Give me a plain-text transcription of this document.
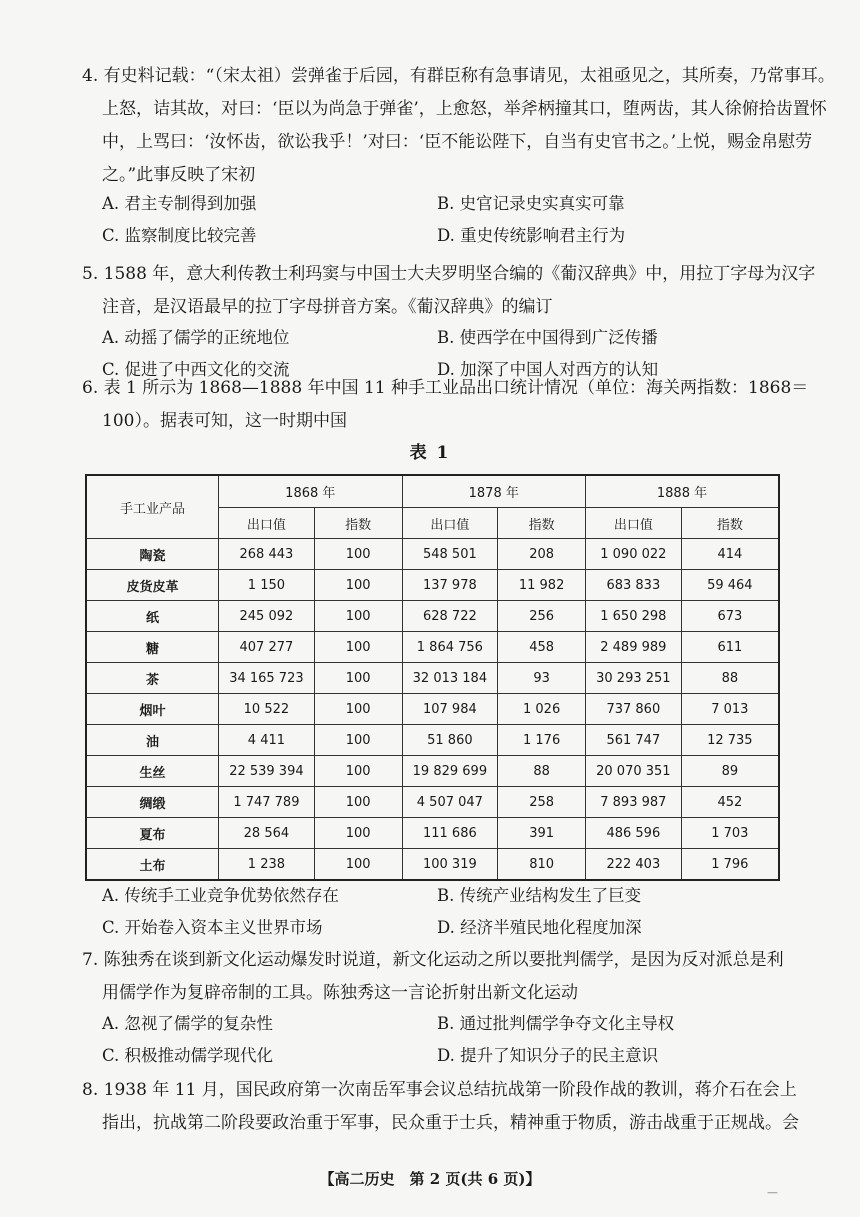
4. 有史料记载：“（宋太祖）尝弹雀于后园，有群臣称有急事请见，太祖亟见之，其所奏，乃常事耳。
上怒，诘其故，对曰：‘臣以为尚急于弹雀’，上愈怒，举斧柄撞其口，堕两齿，其人徐俯拾齿置怀
中，上骂曰：‘汝怀齿，欲讼我乎！’对曰：‘臣不能讼陛下，自当有史官书之。’上悦，赐金帛慰劳
之。”此事反映了宋初
A. 君主专制得到加强	B. 史官记录史实真实可靠
C. 监察制度比较完善	D. 重史传统影响君主行为
5. 1588 年，意大利传教士利玛窦与中国士大夫罗明坚合编的《葡汉辞典》中，用拉丁字母为汉字
注音，是汉语最早的拉丁字母拼音方案。《葡汉辞典》的编订
A. 动摇了儒学的正统地位	B. 使西学在中国得到广泛传播
C. 促进了中西文化的交流	D. 加深了中国人对西方的认知
6. 表 1 所示为 1868—1888 年中国 11 种手工业品出口统计情况（单位：海关两指数：1868＝
100）。据表可知，这一时期中国
表 1
手工业产品	1868 年		1878 年		1888 年	
	出口值	指数	出口值	指数	出口值	指数
陶瓷	268 443	100	548 501	208	1 090 022	414
皮货皮革	1 150	100	137 978	11 982	683 833	59 464
纸	245 092	100	628 722	256	1 650 298	673
糖	407 277	100	1 864 756	458	2 489 989	611
茶	34 165 723	100	32 013 184	93	30 293 251	88
烟叶	10 522	100	107 984	1 026	737 860	7 013
油	4 411	100	51 860	1 176	561 747	12 735
生丝	22 539 394	100	19 829 699	88	20 070 351	89
绸缎	1 747 789	100	4 507 047	258	7 893 987	452
夏布	28 564	100	111 686	391	486 596	1 703
土布	1 238	100	100 319	810	222 403	1 796
A. 传统手工业竞争优势依然存在	B. 传统产业结构发生了巨变
C. 开始卷入资本主义世界市场	D. 经济半殖民地化程度加深
7. 陈独秀在谈到新文化运动爆发时说道，新文化运动之所以要批判儒学，是因为反对派总是利
用儒学作为复辟帝制的工具。陈独秀这一言论折射出新文化运动
A. 忽视了儒学的复杂性	B. 通过批判儒学争夺文化主导权
C. 积极推动儒学现代化	D. 提升了知识分子的民主意识
8. 1938 年 11 月，国民政府第一次南岳军事会议总结抗战第一阶段作战的教训，蒋介石在会上
指出，抗战第二阶段要政治重于军事，民众重于士兵，精神重于物质，游击战重于正规战。会
【高二历史　第 2 页(共 6 页)】
—
